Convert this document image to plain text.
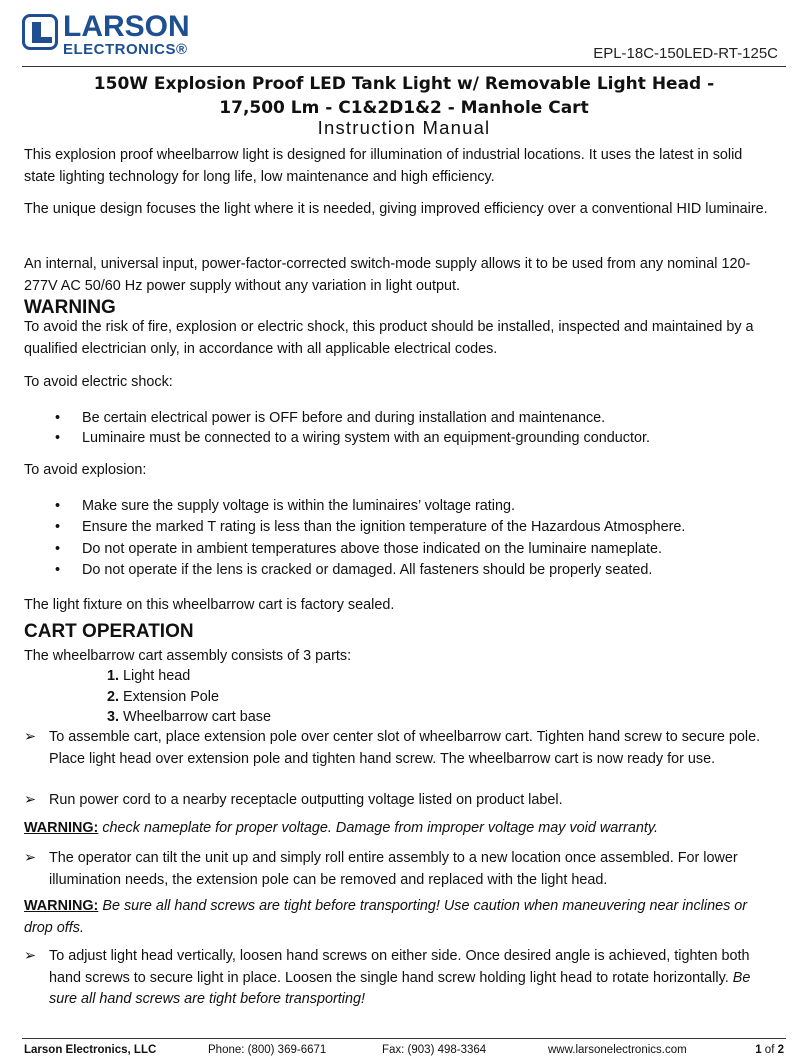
LARSON
ELECTRONICS®	EPL-18C-150LED-RT-125C
150W Explosion Proof LED Tank Light w/ Removable Light Head -
17,500 Lm - C1&2D1&2 - Manhole Cart
Instruction Manual
This explosion proof wheelbarrow light is designed for illumination of industrial locations. It uses the latest in solid state lighting technology for long life, low maintenance and high efficiency.
The unique design focuses the light where it is needed, giving improved efficiency over a conventional HID luminaire.
An internal, universal input, power-factor-corrected switch-mode supply allows it to be used from any nominal 120-277V AC 50/60 Hz power supply without any variation in light output.
WARNING
To avoid the risk of fire, explosion or electric shock, this product should be installed, inspected and maintained by a qualified electrician only, in accordance with all applicable electrical codes.
To avoid electric shock:
• Be certain electrical power is OFF before and during installation and maintenance.
• Luminaire must be connected to a wiring system with an equipment-grounding conductor.
To avoid explosion:
• Make sure the supply voltage is within the luminaires’ voltage rating.
• Ensure the marked T rating is less than the ignition temperature of the Hazardous Atmosphere.
• Do not operate in ambient temperatures above those indicated on the luminaire nameplate.
• Do not operate if the lens is cracked or damaged. All fasteners should be properly seated.
The light fixture on this wheelbarrow cart is factory sealed.
CART OPERATION
The wheelbarrow cart assembly consists of 3 parts:
1. Light head
2. Extension Pole
3. Wheelbarrow cart base
➢ To assemble cart, place extension pole over center slot of wheelbarrow cart. Tighten hand screw to secure pole. Place light head over extension pole and tighten hand screw. The wheelbarrow cart is now ready for use.
➢ Run power cord to a nearby receptacle outputting voltage listed on product label.
WARNING: check nameplate for proper voltage. Damage from improper voltage may void warranty.
➢ The operator can tilt the unit up and simply roll entire assembly to a new location once assembled. For lower illumination needs, the extension pole can be removed and replaced with the light head.
WARNING: Be sure all hand screws are tight before transporting! Use caution when maneuvering near inclines or drop offs.
➢ To adjust light head vertically, loosen hand screws on either side. Once desired angle is achieved, tighten both hand screws to secure light in place. Loosen the single hand screw holding light head to rotate horizontally. Be sure all hand screws are tight before transporting!
Larson Electronics, LLC	Phone: (800) 369-6671	Fax: (903) 498-3364	www.larsonelectronics.com	1 of 2
